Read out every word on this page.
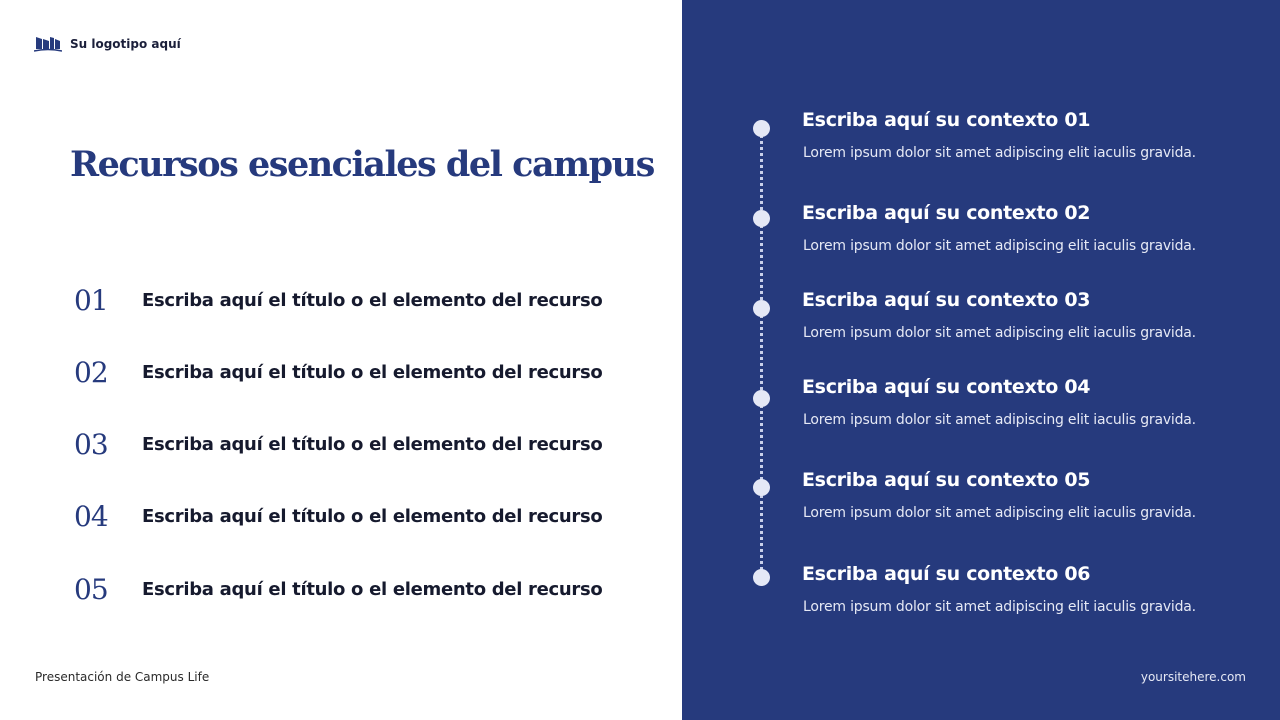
Su logotipo aquí
Recursos esenciales del campus
01	Escriba aquí el título o el elemento del recurso
02	Escriba aquí el título o el elemento del recurso
03	Escriba aquí el título o el elemento del recurso
04	Escriba aquí el título o el elemento del recurso
05	Escriba aquí el título o el elemento del recurso
Escriba aquí su contexto 01
Lorem ipsum dolor sit amet adipiscing elit iaculis gravida.
Escriba aquí su contexto 02
Lorem ipsum dolor sit amet adipiscing elit iaculis gravida.
Escriba aquí su contexto 03
Lorem ipsum dolor sit amet adipiscing elit iaculis gravida.
Escriba aquí su contexto 04
Lorem ipsum dolor sit amet adipiscing elit iaculis gravida.
Escriba aquí su contexto 05
Lorem ipsum dolor sit amet adipiscing elit iaculis gravida.
Escriba aquí su contexto 06
Lorem ipsum dolor sit amet adipiscing elit iaculis gravida.
Presentación de Campus Life	yoursitehere.com
